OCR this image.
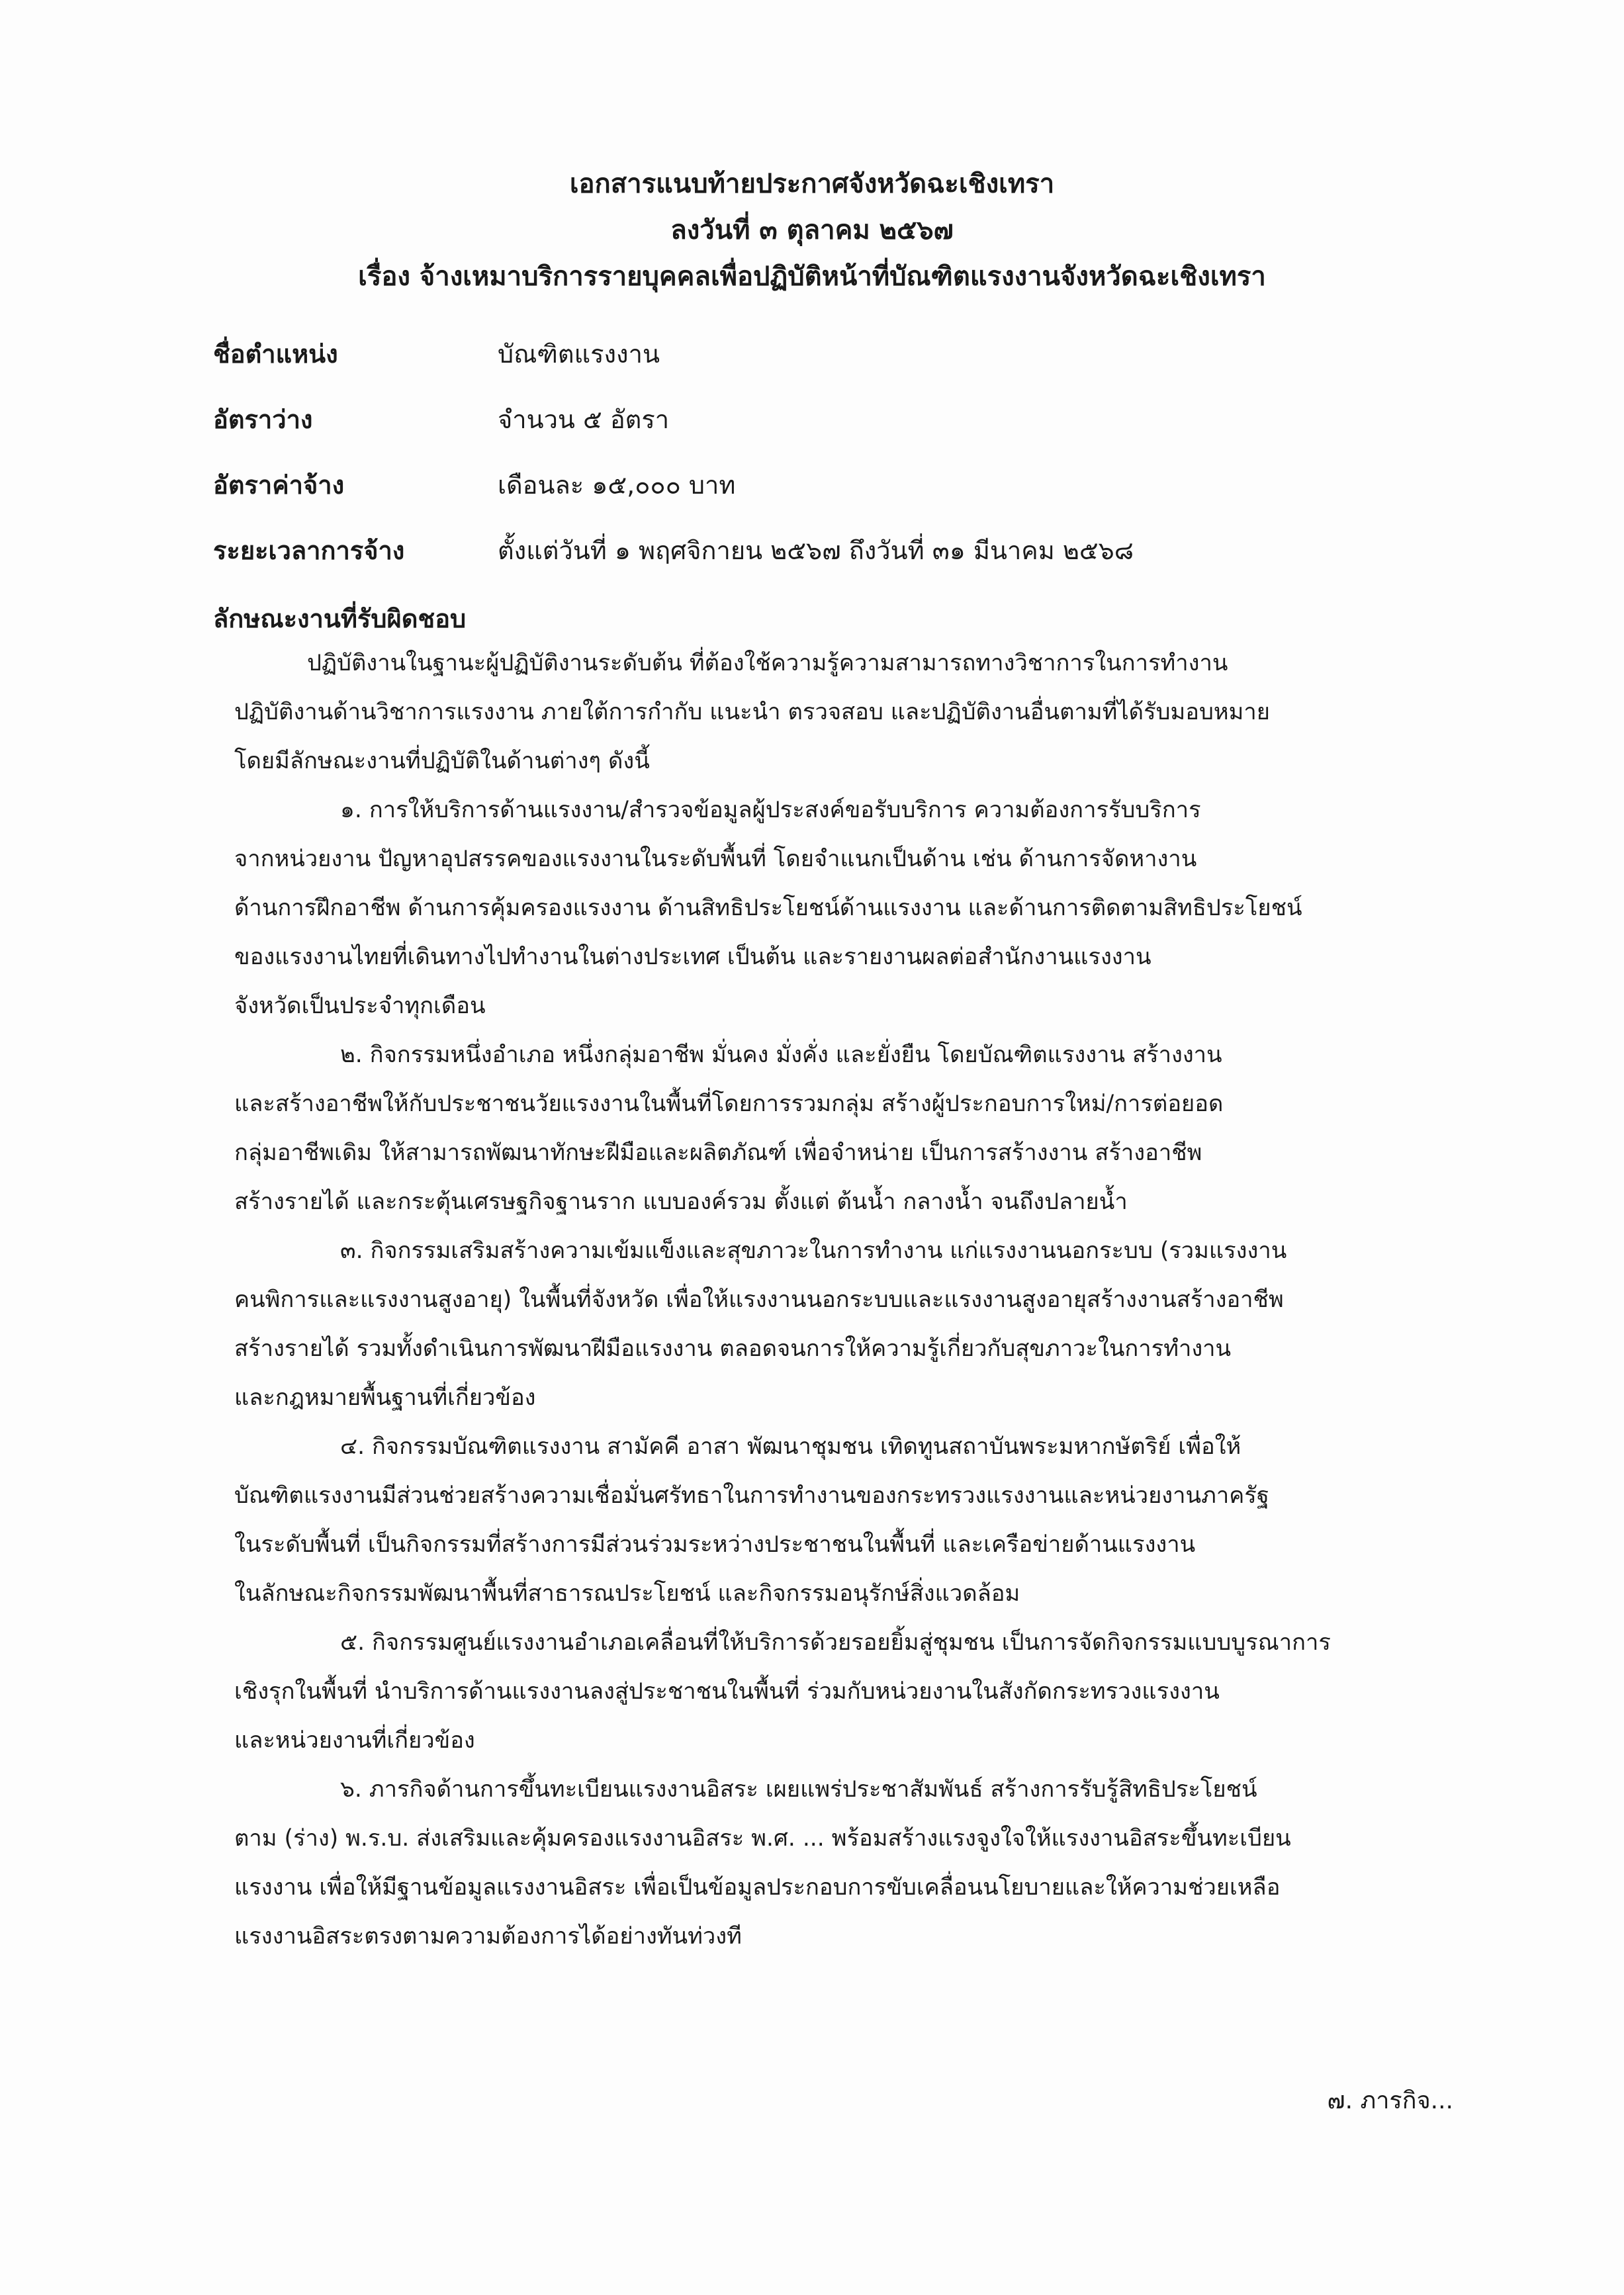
เอกสารแนบท้ายประกาศจังหวัดฉะเชิงเทรา
ลงวันที่ ๓ ตุลาคม ๒๕๖๗
เรื่อง จ้างเหมาบริการรายบุคคลเพื่อปฏิบัติหน้าที่บัณฑิตแรงงานจังหวัดฉะเชิงเทรา
ชื่อตำแหน่ง	บัณฑิตแรงงาน
อัตราว่าง	จำนวน ๕ อัตรา
อัตราค่าจ้าง	เดือนละ ๑๕,๐๐๐ บาท
ระยะเวลาการจ้าง	ตั้งแต่วันที่ ๑ พฤศจิกายน ๒๕๖๗ ถึงวันที่ ๓๑ มีนาคม ๒๕๖๘
ลักษณะงานที่รับผิดชอบ

ปฏิบัติงานในฐานะผู้ปฏิบัติงานระดับต้น ที่ต้องใช้ความรู้ความสามารถทางวิชาการในการทำงาน
ปฏิบัติงานด้านวิชาการแรงงาน ภายใต้การกำกับ แนะนำ ตรวจสอบ และปฏิบัติงานอื่นตามที่ได้รับมอบหมาย
โดยมีลักษณะงานที่ปฏิบัติในด้านต่างๆ ดังนี้

๑. การให้บริการด้านแรงงาน/สำรวจข้อมูลผู้ประสงค์ขอรับบริการ ความต้องการรับบริการ
จากหน่วยงาน ปัญหาอุปสรรคของแรงงานในระดับพื้นที่ โดยจำแนกเป็นด้าน เช่น ด้านการจัดหางาน
ด้านการฝึกอาชีพ ด้านการคุ้มครองแรงงาน ด้านสิทธิประโยชน์ด้านแรงงาน และด้านการติดตามสิทธิประโยชน์
ของแรงงานไทยที่เดินทางไปทำงานในต่างประเทศ เป็นต้น และรายงานผลต่อสำนักงานแรงงาน
จังหวัดเป็นประจำทุกเดือน

๒. กิจกรรมหนึ่งอำเภอ หนึ่งกลุ่มอาชีพ มั่นคง มั่งคั่ง และยั่งยืน โดยบัณฑิตแรงงาน สร้างงาน
และสร้างอาชีพให้กับประชาชนวัยแรงงานในพื้นที่โดยการรวมกลุ่ม สร้างผู้ประกอบการใหม่/การต่อยอด
กลุ่มอาชีพเดิม ให้สามารถพัฒนาทักษะฝีมือและผลิตภัณฑ์ เพื่อจำหน่าย เป็นการสร้างงาน สร้างอาชีพ
สร้างรายได้ และกระตุ้นเศรษฐกิจฐานราก แบบองค์รวม ตั้งแต่ ต้นน้ำ กลางน้ำ จนถึงปลายน้ำ

๓. กิจกรรมเสริมสร้างความเข้มแข็งและสุขภาวะในการทำงาน แก่แรงงานนอกระบบ (รวมแรงงาน
คนพิการและแรงงานสูงอายุ) ในพื้นที่จังหวัด เพื่อให้แรงงานนอกระบบและแรงงานสูงอายุสร้างงานสร้างอาชีพ
สร้างรายได้ รวมทั้งดำเนินการพัฒนาฝีมือแรงงาน ตลอดจนการให้ความรู้เกี่ยวกับสุขภาวะในการทำงาน
และกฎหมายพื้นฐานที่เกี่ยวข้อง

๔. กิจกรรมบัณฑิตแรงงาน สามัคคี อาสา พัฒนาชุมชน เทิดทูนสถาบันพระมหากษัตริย์ เพื่อให้
บัณฑิตแรงงานมีส่วนช่วยสร้างความเชื่อมั่นศรัทธาในการทำงานของกระทรวงแรงงานและหน่วยงานภาครัฐ
ในระดับพื้นที่ เป็นกิจกรรมที่สร้างการมีส่วนร่วมระหว่างประชาชนในพื้นที่ และเครือข่ายด้านแรงงาน
ในลักษณะกิจกรรมพัฒนาพื้นที่สาธารณประโยชน์ และกิจกรรมอนุรักษ์สิ่งแวดล้อม

๕. กิจกรรมศูนย์แรงงานอำเภอเคลื่อนที่ให้บริการด้วยรอยยิ้มสู่ชุมชน เป็นการจัดกิจกรรมแบบบูรณาการ
เชิงรุกในพื้นที่ นำบริการด้านแรงงานลงสู่ประชาชนในพื้นที่ ร่วมกับหน่วยงานในสังกัดกระทรวงแรงงาน
และหน่วยงานที่เกี่ยวข้อง

๖. ภารกิจด้านการขึ้นทะเบียนแรงงานอิสระ เผยแพร่ประชาสัมพันธ์ สร้างการรับรู้สิทธิประโยชน์
ตาม (ร่าง) พ.ร.บ. ส่งเสริมและคุ้มครองแรงงานอิสระ พ.ศ. ... พร้อมสร้างแรงจูงใจให้แรงงานอิสระขึ้นทะเบียน
แรงงาน เพื่อให้มีฐานข้อมูลแรงงานอิสระ เพื่อเป็นข้อมูลประกอบการขับเคลื่อนนโยบายและให้ความช่วยเหลือ
แรงงานอิสระตรงตามความต้องการได้อย่างทันท่วงที

๗. ภารกิจ...
